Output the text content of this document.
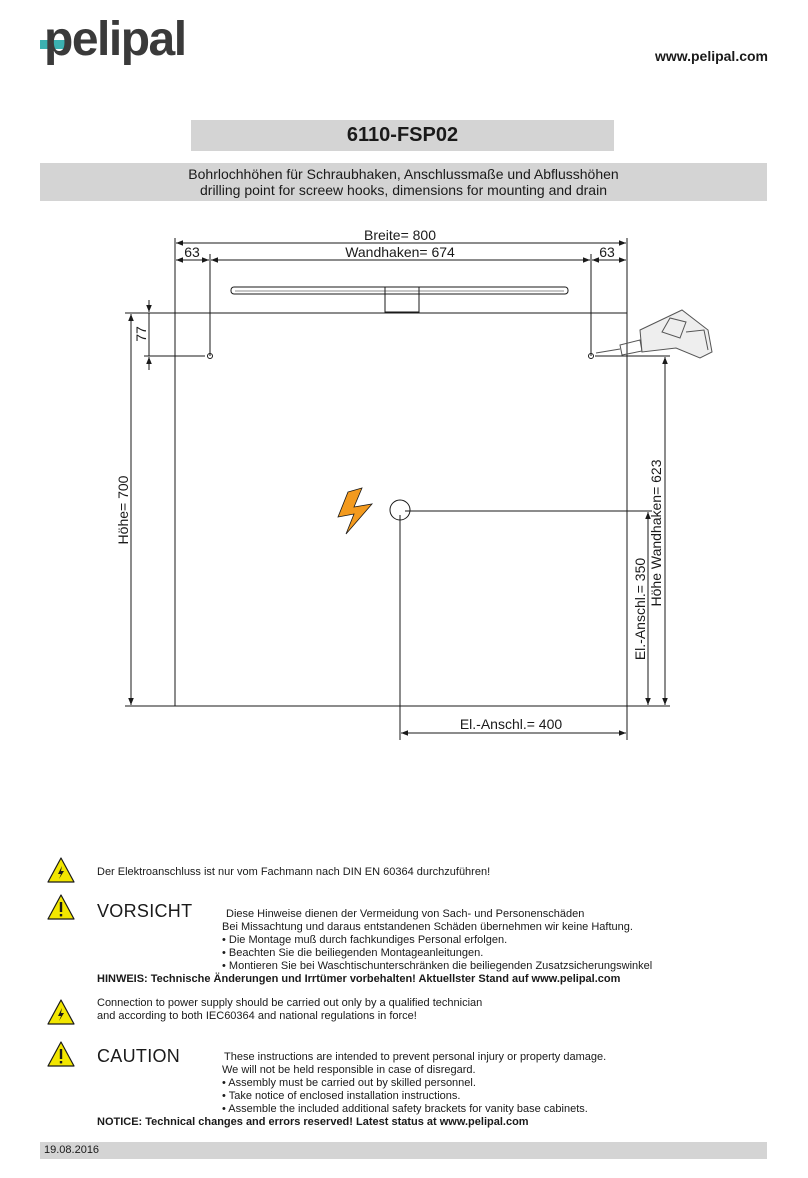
pelipal	www.pelipal.com
6110-FSP02
Bohrlochhöhen für Schraubhaken, Anschlussmaße und Abflusshöhen
drilling point for screew hooks, dimensions for mounting and drain
Breite= 800
63	Wandhaken= 674	63
77
Höhe= 700	Höhe Wandhaken= 623
El.-Anschl.= 350
El.-Anschl.= 400
Der Elektroanschluss ist nur vom Fachmann nach DIN EN 60364 durchzuführen!
VORSICHT	Diese Hinweise dienen der Vermeidung von Sach- und Personenschäden
Bei Missachtung und daraus entstandenen Schäden übernehmen wir keine Haftung.
• Die Montage muß durch fachkundiges Personal erfolgen.
• Beachten Sie die beiliegenden Montageanleitungen.
• Montieren Sie bei Waschtischunterschränken die beiliegenden Zusatzsicherungswinkel
HINWEIS: Technische Änderungen und Irrtümer vorbehalten! Aktuellster Stand auf www.pelipal.com
Connection to power supply should be carried out only by a qualified technician
and according to both IEC60364 and national regulations in force!
CAUTION	These instructions are intended to prevent personal injury or property damage.
We will not be held responsible in case of disregard.
• Assembly must be carried out by skilled personnel.
• Take notice of enclosed installation instructions.
• Assemble the included additional safety brackets for vanity base cabinets.
NOTICE: Technical changes and errors reserved! Latest status at www.pelipal.com
19.08.2016
